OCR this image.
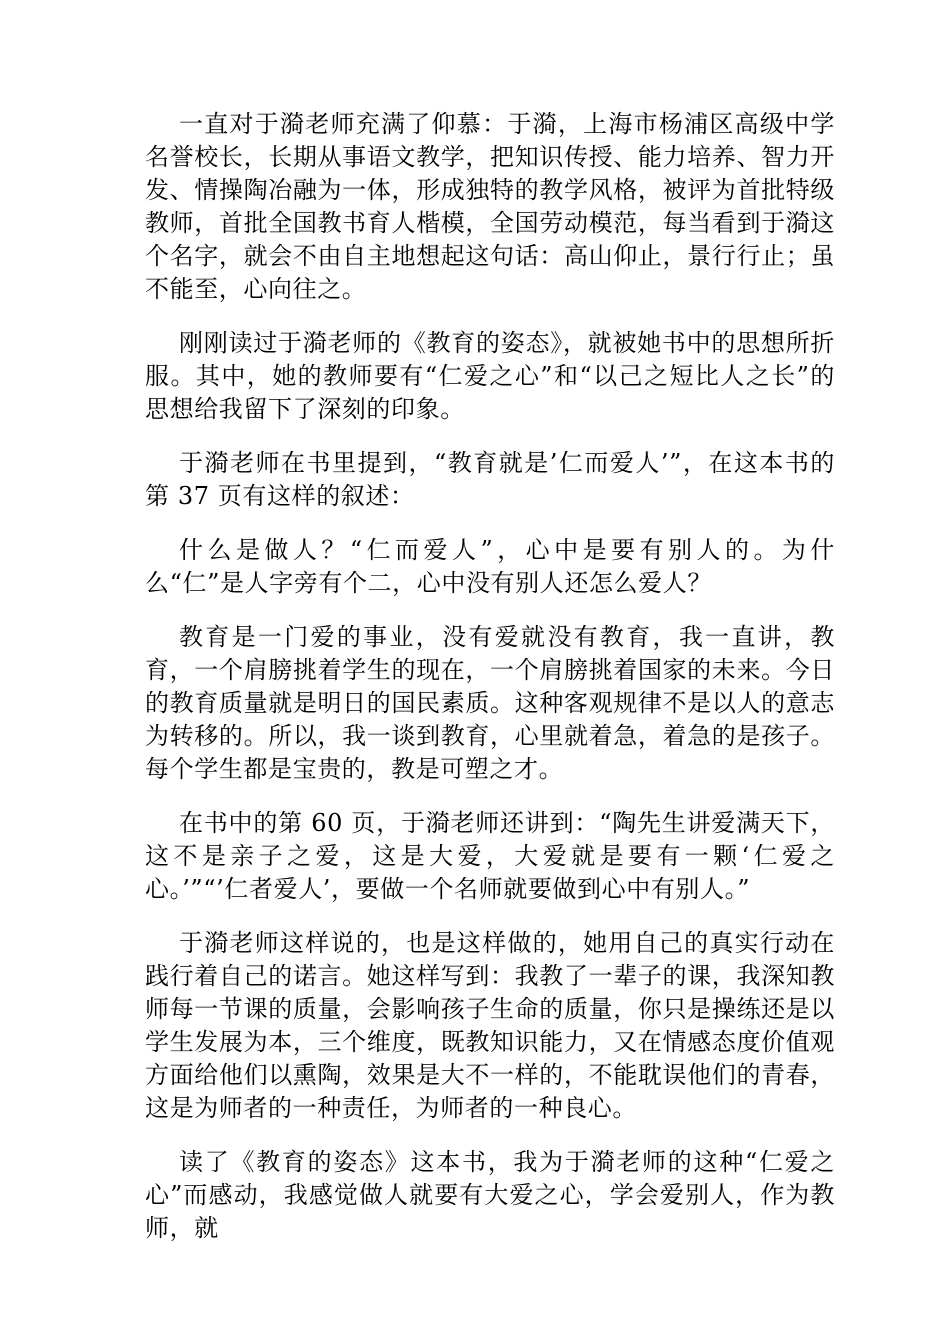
一直对于漪老师充满了仰慕：于漪，上海市杨浦区高级中学名誉校长，长期从事语文教学，把知识传授、能力培养、智力开发、情操陶冶融为一体，形成独特的教学风格，被评为首批特级教师，首批全国教书育人楷模，全国劳动模范，每当看到于漪这个名字，就会不由自主地想起这句话：高山仰止，景行行止；虽不能至，心向往之。

刚刚读过于漪老师的《教育的姿态》，就被她书中的思想所折服。其中，她的教师要有“仁爱之心”和“以己之短比人之长”的思想给我留下了深刻的印象。

于漪老师在书里提到，“教育就是’仁而爱人’”，在这本书的第 37 页有这样的叙述：

什么是做人？“仁而爱人”，心中是要有别人的。为什么“仁”是人字旁有个二，心中没有别人还怎么爱人？

教育是一门爱的事业，没有爱就没有教育，我一直讲，教育，一个肩膀挑着学生的现在，一个肩膀挑着国家的未来。今日的教育质量就是明日的国民素质。这种客观规律不是以人的意志为转移的。所以，我一谈到教育，心里就着急，着急的是孩子。每个学生都是宝贵的，教是可塑之才。

在书中的第 60 页，于漪老师还讲到：“陶先生讲爱满天下，这不是亲子之爱，这是大爱，大爱就是要有一颗‘仁爱之心。’”“’仁者爱人’，要做一个名师就要做到心中有别人。”

于漪老师这样说的，也是这样做的，她用自己的真实行动在践行着自己的诺言。她这样写到：我教了一辈子的课，我深知教师每一节课的质量，会影响孩子生命的质量，你只是操练还是以学生发展为本，三个维度，既教知识能力，又在情感态度价值观方面给他们以熏陶，效果是大不一样的，不能耽误他们的青春，这是为师者的一种责任，为师者的一种良心。

读了《教育的姿态》这本书，我为于漪老师的这种“仁爱之心”而感动，我感觉做人就要有大爱之心，学会爱别人，作为教师，就
